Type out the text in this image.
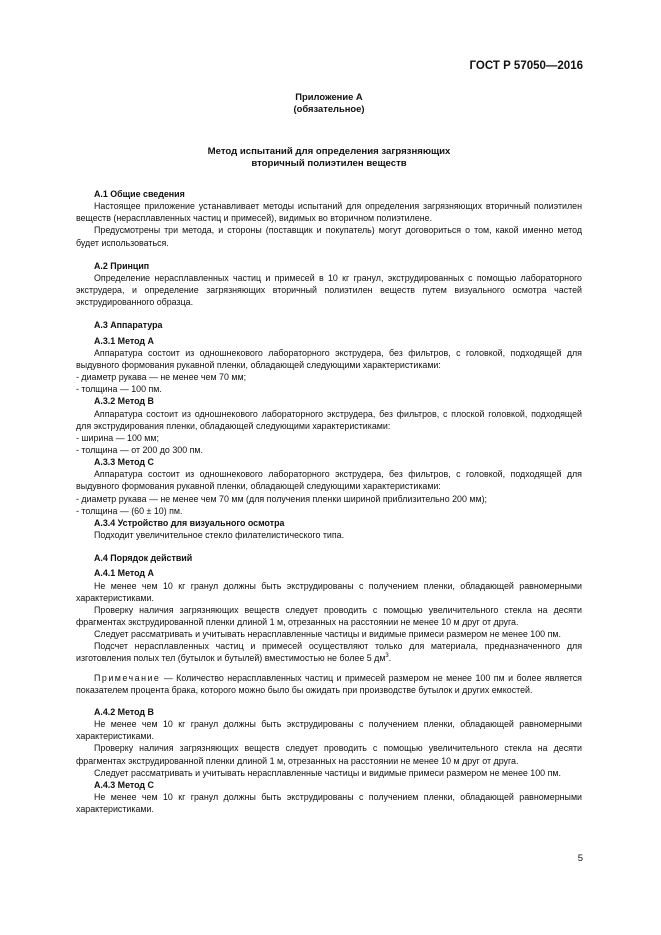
ГОСТ Р 57050—2016
Приложение А
(обязательное)
Метод испытаний для определения загрязняющих
вторичный полиэтилен веществ
А.1 Общие сведения

Настоящее приложение устанавливает методы испытаний для определения загрязняющих вторичный полиэтилен веществ (нерасплавленных частиц и примесей), видимых во вторичном полиэтилене.

Предусмотрены три метода, и стороны (поставщик и покупатель) могут договориться о том, какой именно метод будет использоваться.

А.2 Принцип

Определение нерасплавленных частиц и примесей в 10 кг гранул, экструдированных с помощью лабораторного экструдера, и определение загрязняющих вторичный полиэтилен веществ путем визуального осмотра частей экструдированного образца.

А.3 Аппаратура
А.3.1 Метод А

Аппаратура состоит из одношнекового лабораторного экструдера, без фильтров, с головкой, подходящей для выдувного формования рукавной пленки, обладающей следующими характеристиками:

- диаметр рукава — не менее чем 70 мм;
- толщина — 100 пм.
А.3.2 Метод В

Аппаратура состоит из одношнекового лабораторного экструдера, без фильтров, с плоской головкой, подходящей для экструдирования пленки, обладающей следующими характеристиками:

- ширина — 100 мм;
- толщина — от 200 до 300 пм.
А.3.3 Метод С

Аппаратура состоит из одношнекового лабораторного экструдера, без фильтров, с головкой, подходящей для выдувного формования рукавной пленки, обладающей следующими характеристиками:

- диаметр рукава — не менее чем 70 мм (для получения пленки шириной приблизительно 200 мм);
- толщина — (60 ± 10) пм.
А.3.4 Устройство для визуального осмотра

Подходит увеличительное стекло филателистического типа.

А.4 Порядок действий
А.4.1 Метод А

Не менее чем 10 кг гранул должны быть экструдированы с получением пленки, обладающей равномерными характеристиками.

Проверку наличия загрязняющих веществ следует проводить с помощью увеличительного стекла на десяти фрагментах экструдированной пленки длиной 1 м, отрезанных на расстоянии не менее 10 м друг от друга.

Следует рассматривать и учитывать нерасплавленные частицы и видимые примеси размером не менее 100 пм.

Подсчет нерасплавленных частиц и примесей осуществляют только для материала, предназначенного для изготовления полых тел (бутылок и бутылей) вместимостью не более 5 $дм^3$.

Примечание — Количество нерасплавленных частиц и примесей размером не менее 100 пм и более является показателем процента брака, которого можно было бы ожидать при производстве бутылок и других емкостей.

А.4.2 Метод В

Не менее чем 10 кг гранул должны быть экструдированы с получением пленки, обладающей равномерными характеристиками.

Проверку наличия загрязняющих веществ следует проводить с помощью увеличительного стекла на десяти фрагментах экструдированной пленки длиной 1 м, отрезанных на расстоянии не менее 10 м друг от друга.

Следует рассматривать и учитывать нерасплавленные частицы и видимые примеси размером не менее 100 пм.

А.4.3 Метод С

Не менее чем 10 кг гранул должны быть экструдированы с получением пленки, обладающей равномерными характеристиками.

5
